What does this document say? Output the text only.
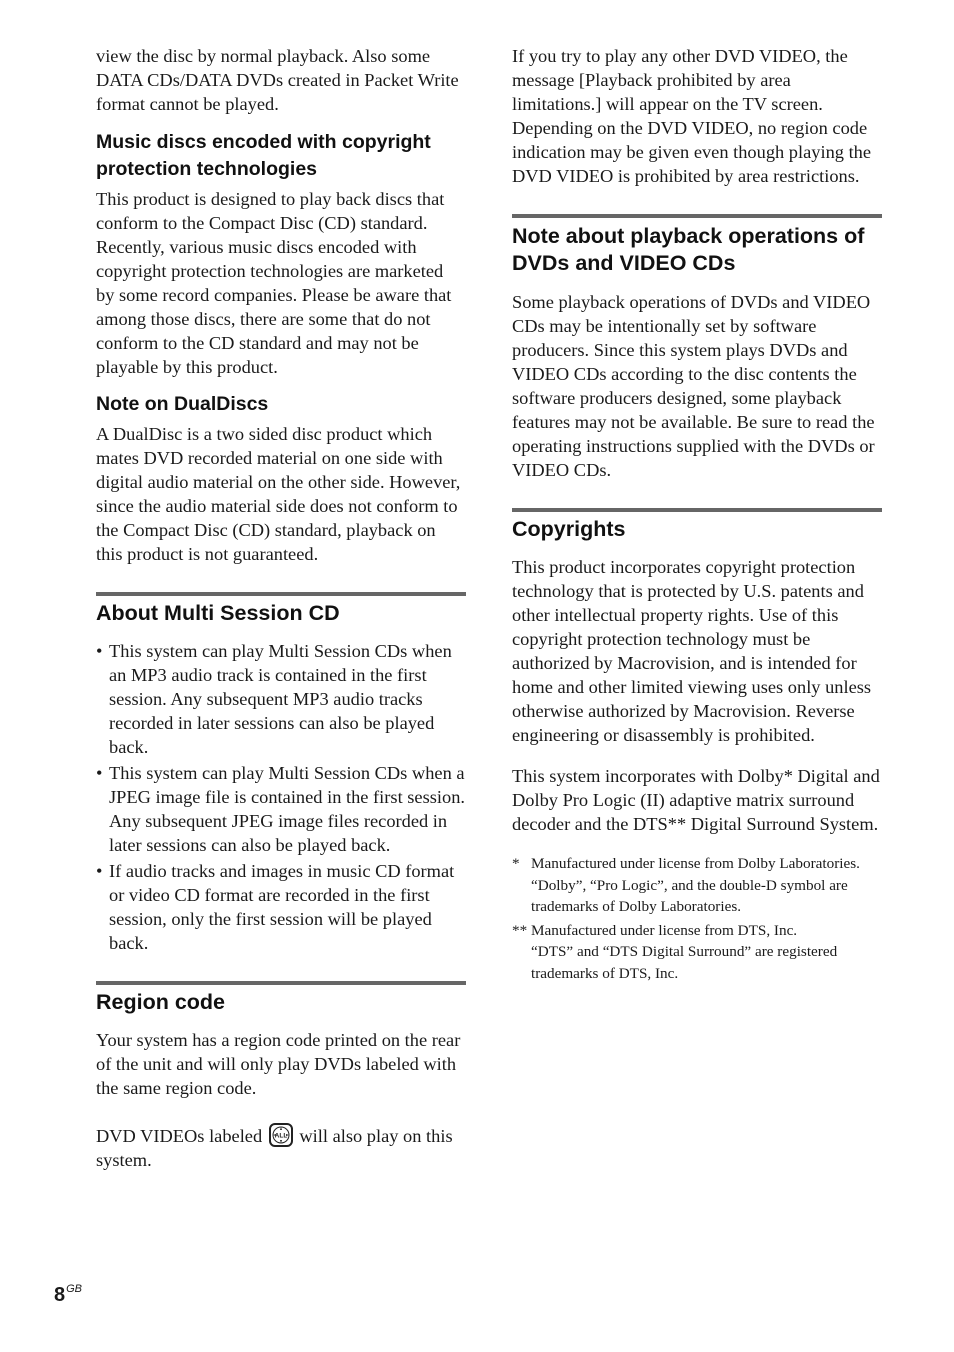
view the disc by normal playback. Also some DATA CDs/DATA DVDs created in Packet Write format cannot be played.

Music discs encoded with copyright protection technologies

This product is designed to play back discs that conform to the Compact Disc (CD) standard. Recently, various music discs encoded with copyright protection technologies are marketed by some record companies. Please be aware that among those discs, there are some that do not conform to the CD standard and may not be playable by this product.

Note on DualDiscs

A DualDisc is a two sided disc product which mates DVD recorded material on one side with digital audio material on the other side. However, since the audio material side does not conform to the Compact Disc (CD) standard, playback on this product is not guaranteed.

About Multi Session CD
• This system can play Multi Session CDs when an MP3 audio track is contained in the first session. Any subsequent MP3 audio tracks recorded in later sessions can also be played back.
• This system can play Multi Session CDs when a JPEG image file is contained in the first session. Any subsequent JPEG image files recorded in later sessions can also be played back.
• If audio tracks and images in music CD format or video CD format are recorded in the first session, only the first session will be played back.
Region code

Your system has a region code printed on the rear of the unit and will only play DVDs labeled with the same region code.

DVD VIDEOs labeled ALL will also play on this system.

If you try to play any other DVD VIDEO, the message [Playback prohibited by area limitations.] will appear on the TV screen. Depending on the DVD VIDEO, no region code indication may be given even though playing the DVD VIDEO is prohibited by area restrictions.

Note about playback operations of DVDs and VIDEO CDs

Some playback operations of DVDs and VIDEO CDs may be intentionally set by software producers. Since this system plays DVDs and VIDEO CDs according to the disc contents the software producers designed, some playback features may not be available. Be sure to read the operating instructions supplied with the DVDs or VIDEO CDs.

Copyrights

This product incorporates copyright protection technology that is protected by U.S. patents and other intellectual property rights. Use of this copyright protection technology must be authorized by Macrovision, and is intended for home and other limited viewing uses only unless otherwise authorized by Macrovision. Reverse engineering or disassembly is prohibited.

This system incorporates with Dolby* Digital and Dolby Pro Logic (II) adaptive matrix surround decoder and the DTS** Digital Surround System.

* Manufactured under license from Dolby Laboratories.
“Dolby”, “Pro Logic”, and the double-D symbol are trademarks of Dolby Laboratories.
** Manufactured under license from DTS, Inc.
“DTS” and “DTS Digital Surround” are registered trademarks of DTS, Inc.
$8^{GB}$
